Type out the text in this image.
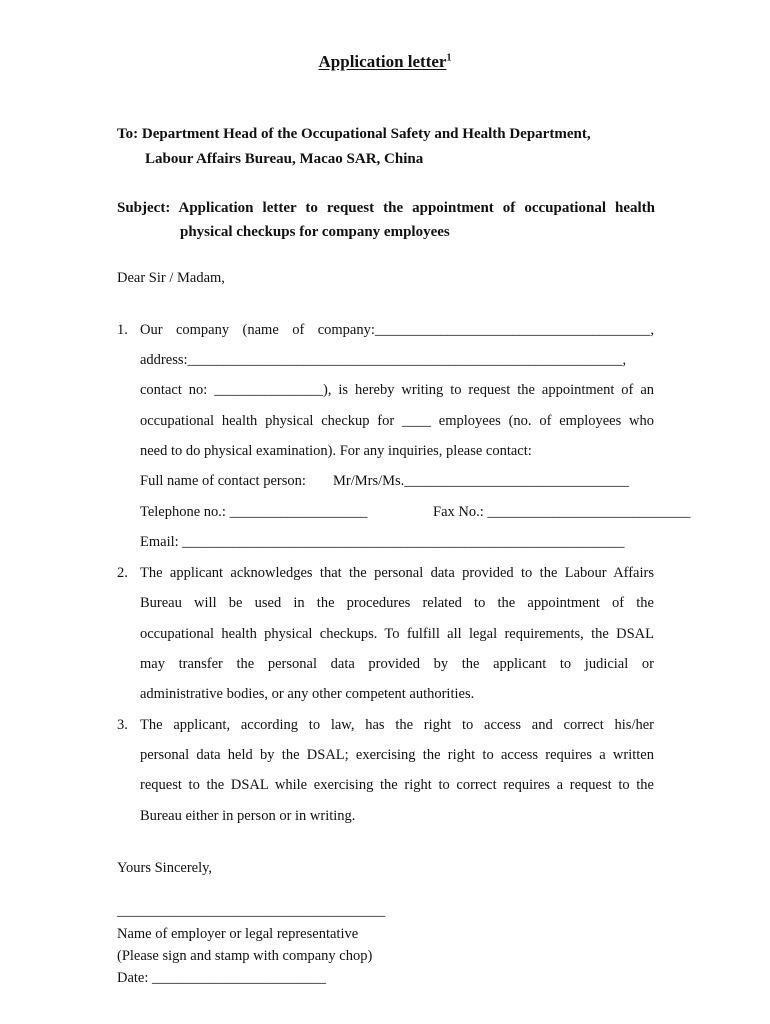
Application letter$^1$
To: Department Head of the Occupational Safety and Health Department,
Labour Affairs Bureau, Macao SAR, China
Subject: Application letter to request the appointment of occupational health
physical checkups for company employees
Dear Sir / Madam,
1. Our company (name of company:______________________________________,
address:____________________________________________________________,
contact no: _______________), is hereby writing to request the appointment of an
occupational health physical checkup for ____ employees (no. of employees who
need to do physical examination). For any inquiries, please contact:
Full name of contact person: Mr/Mrs/Ms._______________________________
Telephone no.: ___________________	Fax No.: ____________________________
Email: _____________________________________________________________
2. The applicant acknowledges that the personal data provided to the Labour Affairs
Bureau will be used in the procedures related to the appointment of the
occupational health physical checkups. To fulfill all legal requirements, the DSAL
may transfer the personal data provided by the applicant to judicial or
administrative bodies, or any other competent authorities.
3. The applicant, according to law, has the right to access and correct his/her
personal data held by the DSAL; exercising the right to access requires a written
request to the DSAL while exercising the right to correct requires a request to the
Bureau either in person or in writing.
Yours Sincerely,
_____________________________________
Name of employer or legal representative
(Please sign and stamp with company chop)
Date: ________________________
